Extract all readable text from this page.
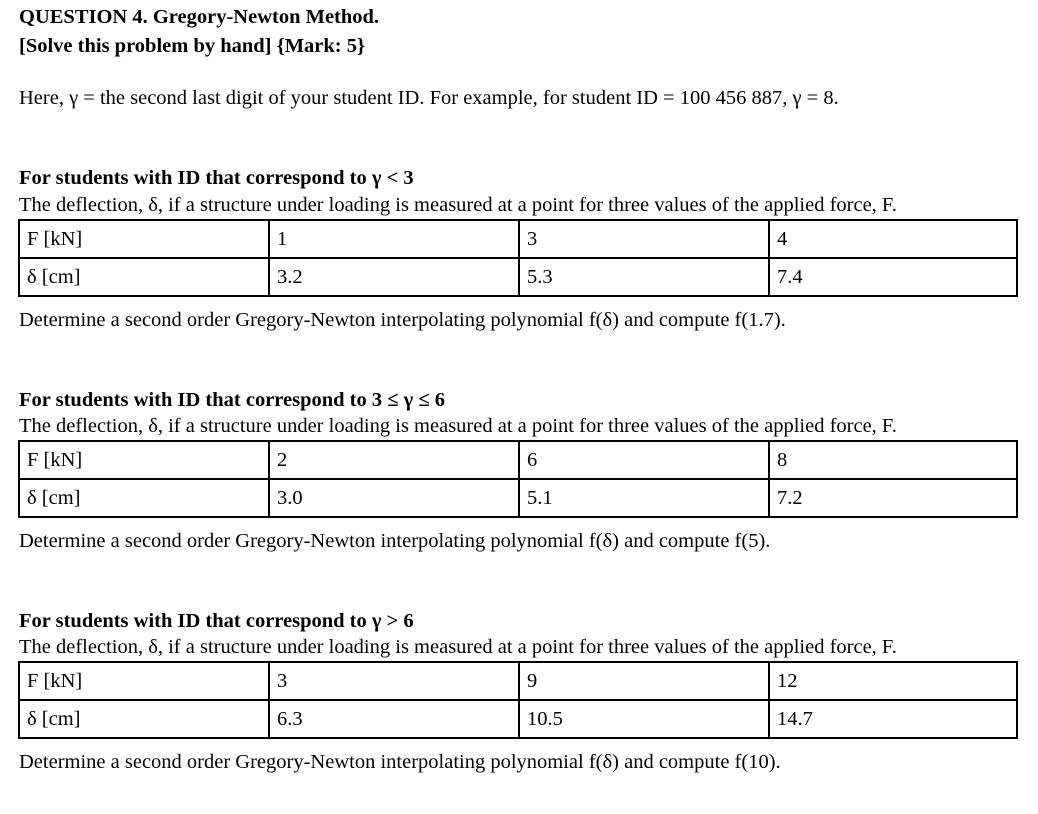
QUESTION 4. Gregory-Newton Method.
[Solve this problem by hand] {Mark: 5}
Here, γ = the second last digit of your student ID. For example, for student ID = 100 456 887, γ = 8.
For students with ID that correspond to γ < 3
The deflection, δ, if a structure under loading is measured at a point for three values of the applied force, F.
F [kN]	1	3	4
δ [cm]	3.2	5.3	7.4
Determine a second order Gregory-Newton interpolating polynomial f(δ) and compute f(1.7).
For students with ID that correspond to 3 ≤ γ ≤ 6
The deflection, δ, if a structure under loading is measured at a point for three values of the applied force, F.
F [kN]	2	6	8
δ [cm]	3.0	5.1	7.2
Determine a second order Gregory-Newton interpolating polynomial f(δ) and compute f(5).
For students with ID that correspond to γ > 6
The deflection, δ, if a structure under loading is measured at a point for three values of the applied force, F.
F [kN]	3	9	12
δ [cm]	6.3	10.5	14.7
Determine a second order Gregory-Newton interpolating polynomial f(δ) and compute f(10).
